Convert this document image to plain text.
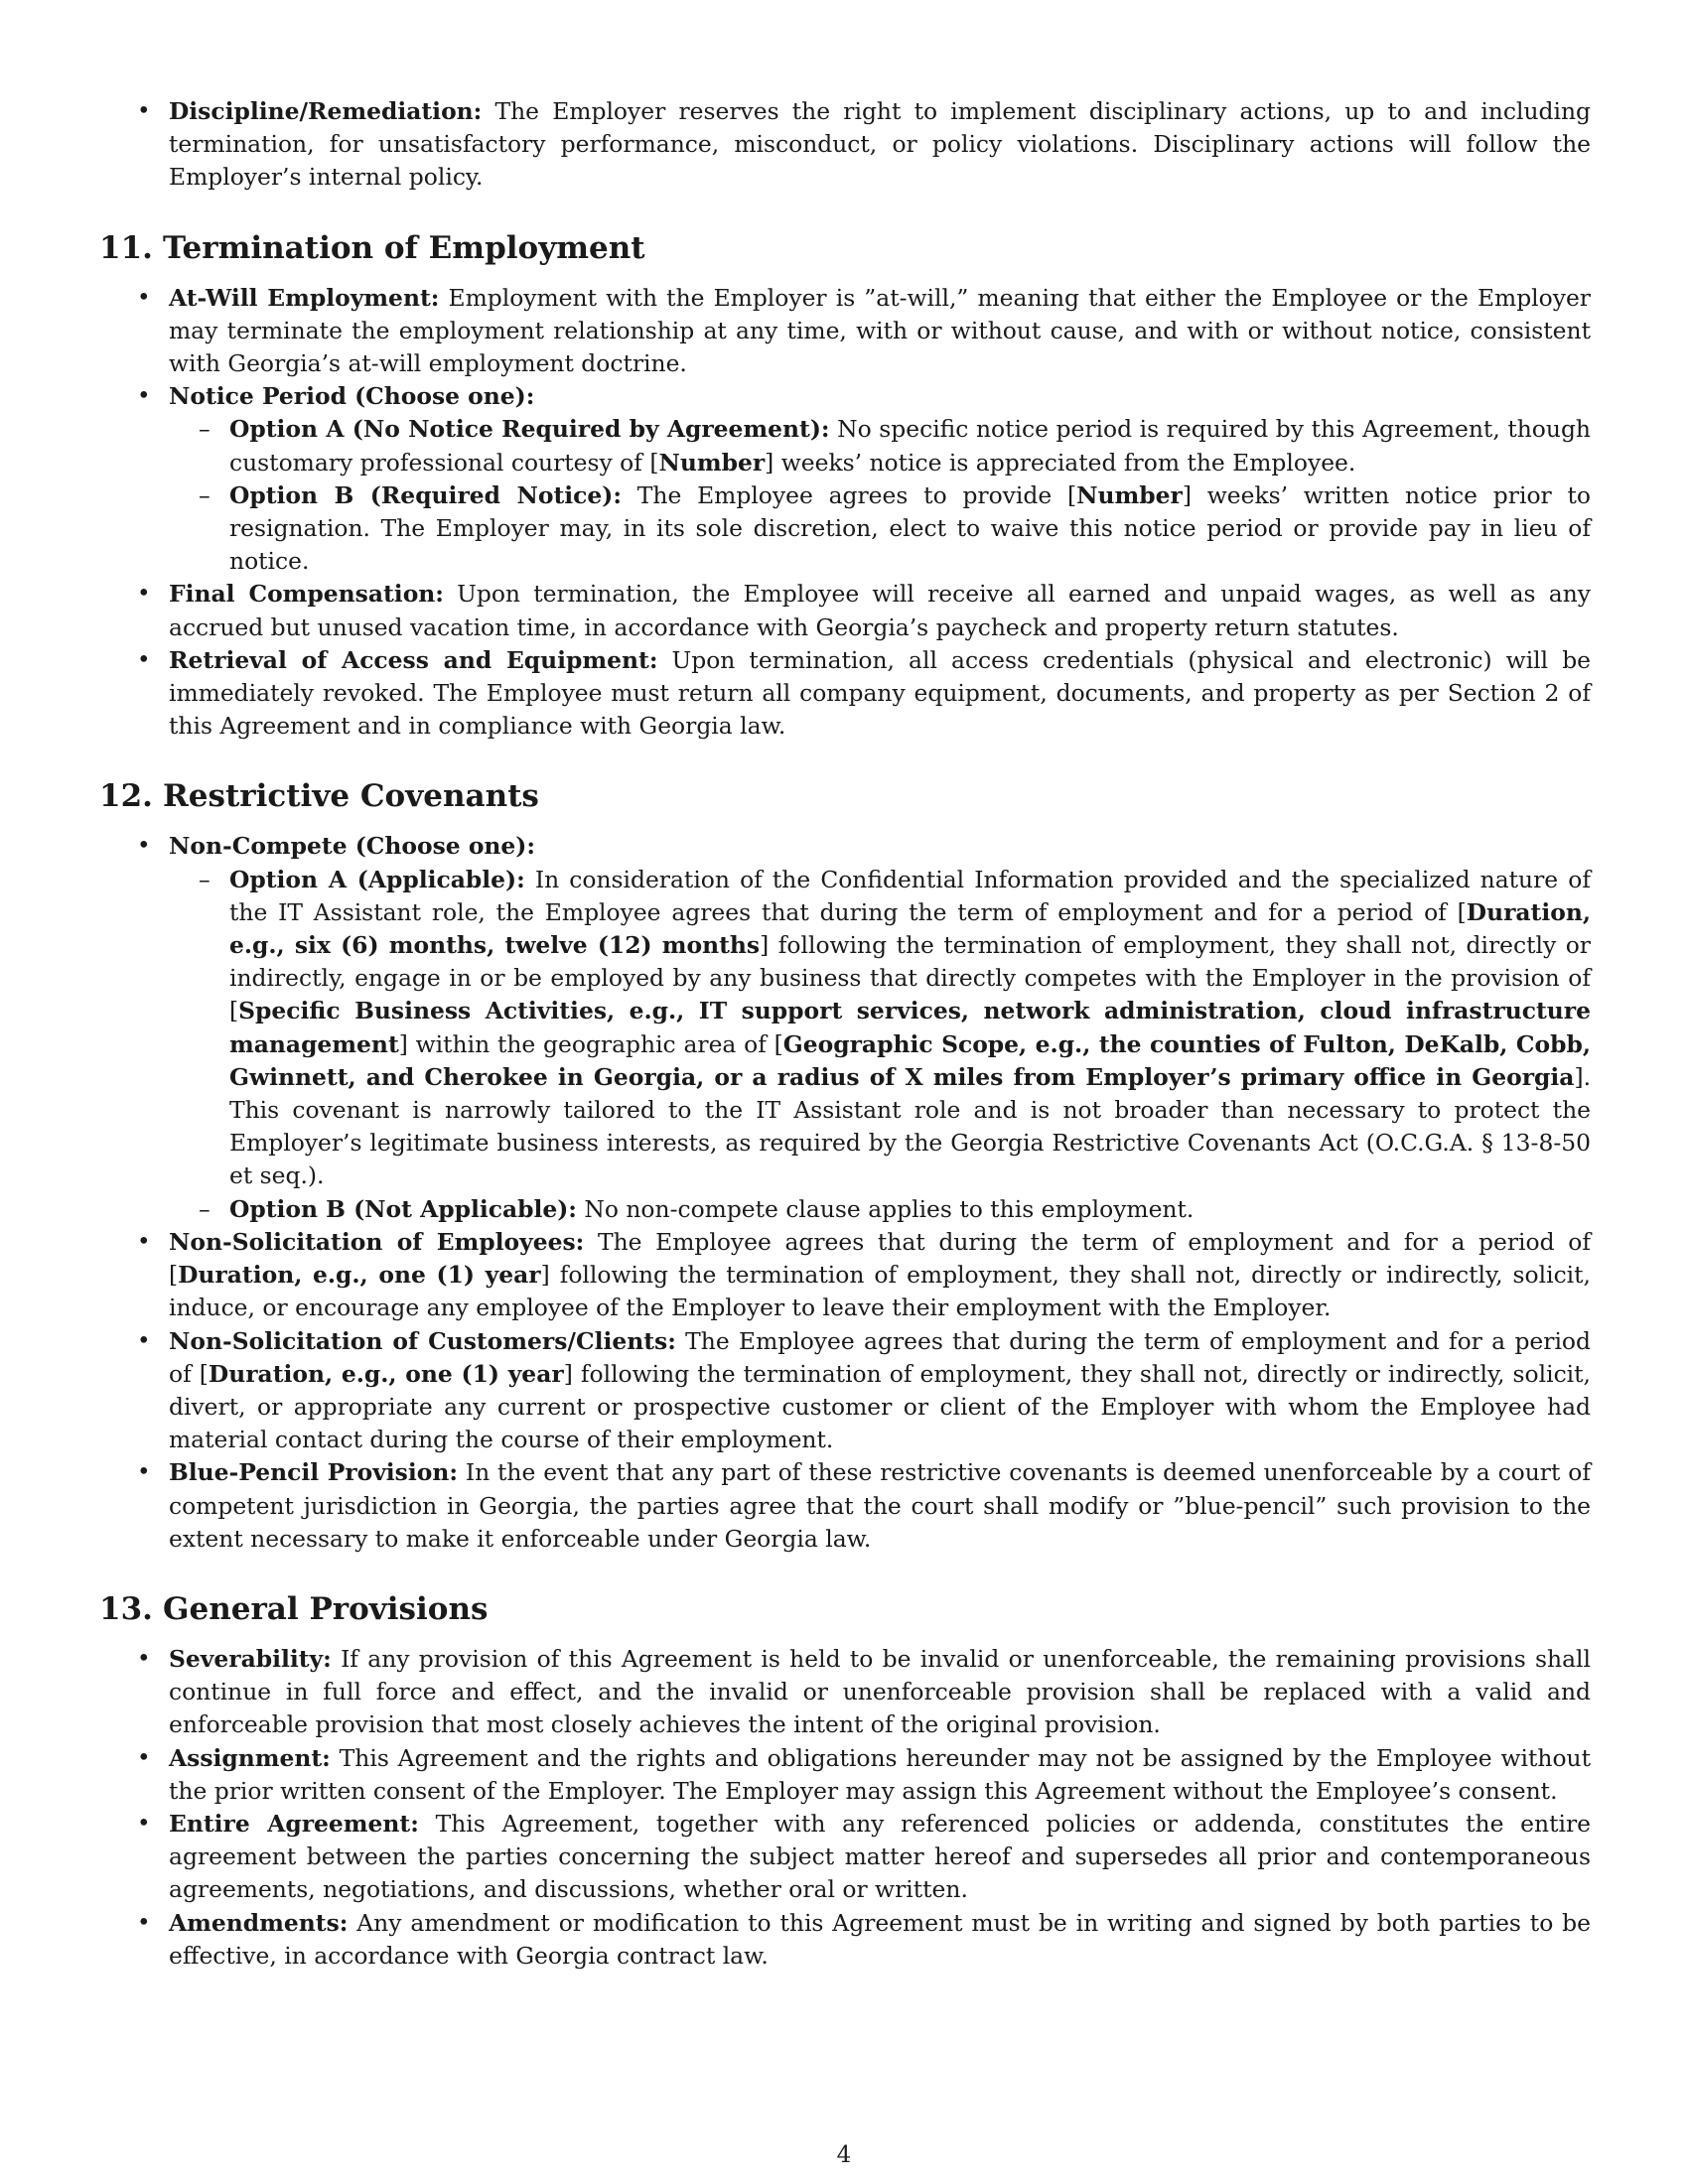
• Discipline/Remediation: The Employer reserves the right to implement disciplinary actions, up to and including termination, for unsatisfactory performance, misconduct, or policy violations. Disciplinary actions will follow the Employer’s internal policy.
11. Termination of Employment
• At-Will Employment: Employment with the Employer is ”at-will,” meaning that either the Employee or the Employer may terminate the employment relationship at any time, with or without cause, and with or without notice, consistent with Georgia’s at-will employment doctrine.
• Notice Period (Choose one):
– Option A (No Notice Required by Agreement): No specific notice period is required by this Agreement, though customary professional courtesy of [Number] weeks’ notice is appreciated from the Employee.
– Option B (Required Notice): The Employee agrees to provide [Number] weeks’ written notice prior to resignation. The Employer may, in its sole discretion, elect to waive this notice period or provide pay in lieu of notice.
• Final Compensation: Upon termination, the Employee will receive all earned and unpaid wages, as well as any accrued but unused vacation time, in accordance with Georgia’s paycheck and property return statutes.
• Retrieval of Access and Equipment: Upon termination, all access credentials (physical and electronic) will be immediately revoked. The Employee must return all company equipment, documents, and property as per Section 2 of this Agreement and in compliance with Georgia law.
12. Restrictive Covenants
• Non-Compete (Choose one):
– Option A (Applicable): In consideration of the Confidential Information provided and the specialized nature of the IT Assistant role, the Employee agrees that during the term of employment and for a period of [Duration, e.g., six (6) months, twelve (12) months] following the termination of employment, they shall not, directly or indirectly, engage in or be employed by any business that directly competes with the Employer in the provision of [Specific Business Activities, e.g., IT support services, network administration, cloud infrastructure management] within the geographic area of [Geographic Scope, e.g., the counties of Fulton, DeKalb, Cobb, Gwinnett, and Cherokee in Georgia, or a radius of X miles from Employer’s primary office in Georgia]. This covenant is narrowly tailored to the IT Assistant role and is not broader than necessary to protect the Employer’s legitimate business interests, as required by the Georgia Restrictive Covenants Act (O.C.G.A. § 13-8-50 et seq.).
– Option B (Not Applicable): No non-compete clause applies to this employment.
• Non-Solicitation of Employees: The Employee agrees that during the term of employment and for a period of [Duration, e.g., one (1) year] following the termination of employment, they shall not, directly or indirectly, solicit, induce, or encourage any employee of the Employer to leave their employment with the Employer.
• Non-Solicitation of Customers/Clients: The Employee agrees that during the term of employment and for a period of [Duration, e.g., one (1) year] following the termination of employment, they shall not, directly or indirectly, solicit, divert, or appropriate any current or prospective customer or client of the Employer with whom the Employee had material contact during the course of their employment.
• Blue-Pencil Provision: In the event that any part of these restrictive covenants is deemed unenforceable by a court of competent jurisdiction in Georgia, the parties agree that the court shall modify or ”blue-pencil” such provision to the extent necessary to make it enforceable under Georgia law.
13. General Provisions
• Severability: If any provision of this Agreement is held to be invalid or unenforceable, the remaining provisions shall continue in full force and effect, and the invalid or unenforceable provision shall be replaced with a valid and enforceable provision that most closely achieves the intent of the original provision.
• Assignment: This Agreement and the rights and obligations hereunder may not be assigned by the Employee without the prior written consent of the Employer. The Employer may assign this Agreement without the Employee’s consent.
• Entire Agreement: This Agreement, together with any referenced policies or addenda, constitutes the entire agreement between the parties concerning the subject matter hereof and supersedes all prior and contemporaneous agreements, negotiations, and discussions, whether oral or written.
• Amendments: Any amendment or modification to this Agreement must be in writing and signed by both parties to be effective, in accordance with Georgia contract law.
4
